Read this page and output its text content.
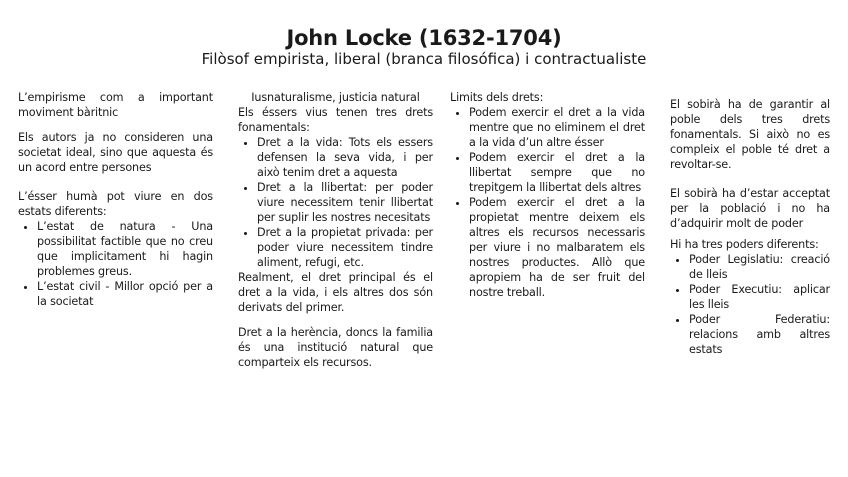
John Locke (1632-1704)
Filòsof empirista, liberal (branca filosófica) i contractualiste

L’empirisme com a important moviment bàritnic

Els autors ja no consideren una societat ideal, sino que aquesta és un acord entre persones

L’ésser humà pot viure en dos estats diferents:

• L’estat de natura - Una possibilitat factible que no creu que implicitament hi hagin problemes greus.
• L’estat civil - Millor opció per a la societat

Iusnaturalisme, justicia natural

Els éssers vius tenen tres drets fonamentals:

• Dret a la vida: Tots els essers defensen la seva vida, i per això tenim dret a aquesta
• Dret a la llibertat: per poder viure necessitem tenir llibertat per suplir les nostres necesitats
• Dret a la propietat privada: per poder viure necessitem tindre aliment, refugi, etc.

Realment, el dret principal és el dret a la vida, i els altres dos són derivats del primer.

Dret a la herència, doncs la familia és una institució natural que comparteix els recursos.

Limits dels drets:

• Podem exercir el dret a la vida mentre que no eliminem el dret a la vida d’un altre ésser
• Podem exercir el dret a la llibertat sempre que no trepitgem la llibertat dels altres
• Podem exercir el dret a la propietat mentre deixem els altres els recursos necessaris per viure i no malbaratem els nostres productes. Allò que apropiem ha de ser fruit del nostre treball.

El sobirà ha de garantir al poble dels tres drets fonamentals. Si això no es compleix el poble té dret a revoltar-se.

El sobirà ha d’estar acceptat per la població i no ha d’adquirir molt de poder

Hi ha tres poders diferents:

• Poder Legislatiu: creació de lleis
• Poder Executiu: aplicar les lleis
• Poder Federatiu: relacions amb altres estats
